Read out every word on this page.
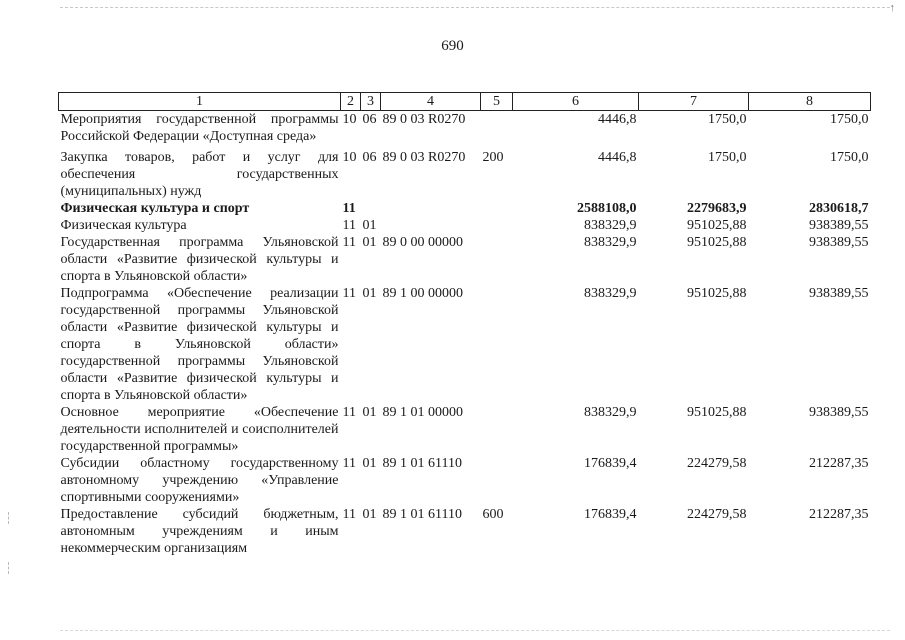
↑
690
1	2	3	4	5	6	7	8
Мероприятия государственной программы Российской Федерации «Доступная среда»	10	06	89 0 03 R0270		4446,8	1750,0	1750,0
Закупка товаров, работ и услуг для обеспечения государственных (муниципальных) нужд	10	06	89 0 03 R0270	200	4446,8	1750,0	1750,0
Физическая культура и спорт	11				2588108,0	2279683,9	2830618,7
Физическая культура	11	01			838329,9	951025,88	938389,55
Государственная программа Ульяновской области «Развитие физической культуры и спорта в Ульяновской области»	11	01	89 0 00 00000		838329,9	951025,88	938389,55
Подпрограмма «Обеспечение реализации государственной программы Ульяновской области «Развитие физической культуры и спорта в Ульяновской области» государственной программы Ульяновской области «Развитие физической культуры и спорта в Ульяновской области»	11	01	89 1 00 00000		838329,9	951025,88	938389,55
Основное мероприятие «Обеспечение деятельности исполнителей и соисполнителей государственной программы»	11	01	89 1 01 00000		838329,9	951025,88	938389,55
Субсидии областному государственному автономному учреждению «Управление спортивными сооружениями»	11	01	89 1 01 61110		176839,4	224279,58	212287,35
Предоставление субсидий бюджетным, автономным учреждениям и иным некоммерческим организациям	11	01	89 1 01 61110	600	176839,4	224279,58	212287,35
